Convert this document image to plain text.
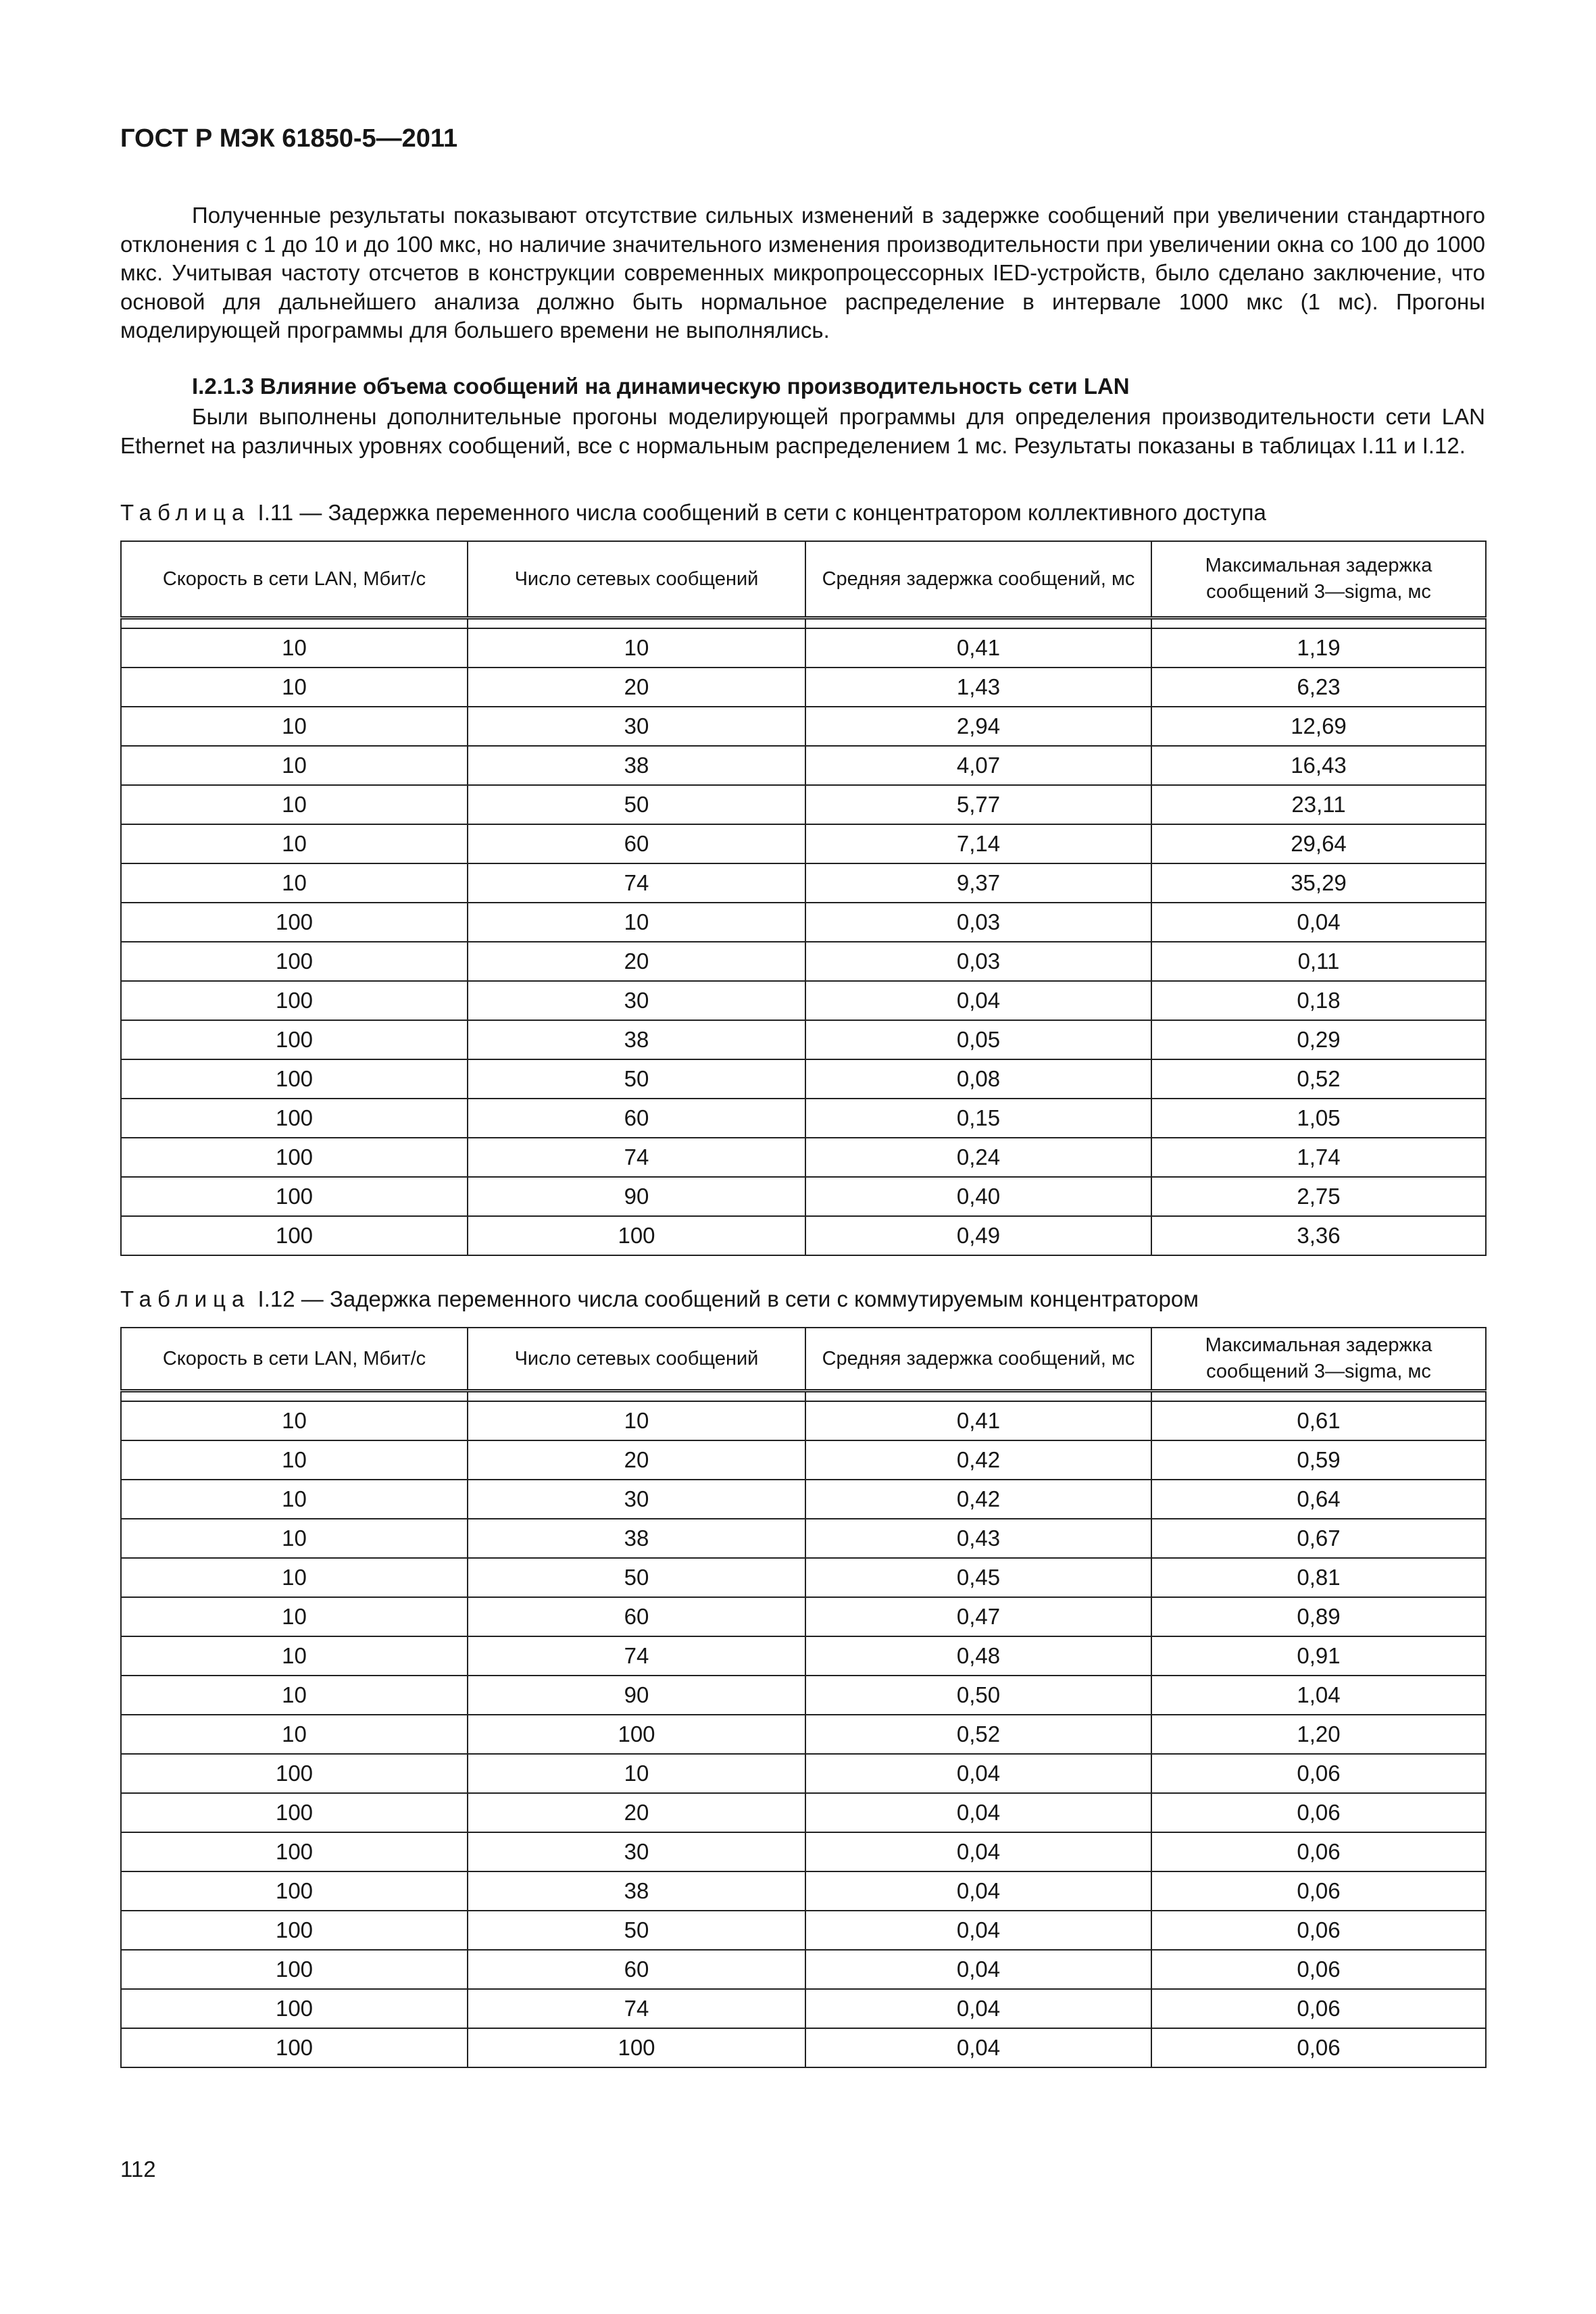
ГОСТ Р МЭК 61850-5—2011

Полученные результаты показывают отсутствие сильных изменений в задержке сообщений при увеличении стандартного отклонения с 1 до 10 и до 100 мкс, но наличие значительного изменения производительности при увеличении окна со 100 до 1000 мкс. Учитывая частоту отсчетов в конструкции современных микропроцессорных IED-устройств, было сделано заключение, что основой для дальнейшего анализа должно быть нормальное распределение в интервале 1000 мкс (1 мс). Прогоны моделирующей программы для большего времени не выполнялись.

I.2.1.3 Влияние объема сообщений на динамическую производительность сети LAN

Были выполнены дополнительные прогоны моделирующей программы для определения производительности сети LAN Ethernet на различных уровнях сообщений, все с нормальным распределением 1 мс. Результаты показаны в таблицах I.11 и I.12.

Таблица I.11 — Задержка переменного числа сообщений в сети с концентратором коллективного доступа
Скорость в сети LAN, Мбит/с	Число сетевых сообщений	Средняя задержка сообщений, мс	Максимальная задержка сообщений 3—sigma, мс

10	10	0,41	1,19
10	20	1,43	6,23
10	30	2,94	12,69
10	38	4,07	16,43
10	50	5,77	23,11
10	60	7,14	29,64
10	74	9,37	35,29
100	10	0,03	0,04
100	20	0,03	0,11
100	30	0,04	0,18
100	38	0,05	0,29
100	50	0,08	0,52
100	60	0,15	1,05
100	74	0,24	1,74
100	90	0,40	2,75
100	100	0,49	3,36
Таблица I.12 — Задержка переменного числа сообщений в сети с коммутируемым концентратором
Скорость в сети LAN, Мбит/с	Число сетевых сообщений	Средняя задержка сообщений, мс	Максимальная задержка сообщений 3—sigma, мс

10	10	0,41	0,61
10	20	0,42	0,59
10	30	0,42	0,64
10	38	0,43	0,67
10	50	0,45	0,81
10	60	0,47	0,89
10	74	0,48	0,91
10	90	0,50	1,04
10	100	0,52	1,20
100	10	0,04	0,06
100	20	0,04	0,06
100	30	0,04	0,06
100	38	0,04	0,06
100	50	0,04	0,06
100	60	0,04	0,06
100	74	0,04	0,06
100	100	0,04	0,06
112
